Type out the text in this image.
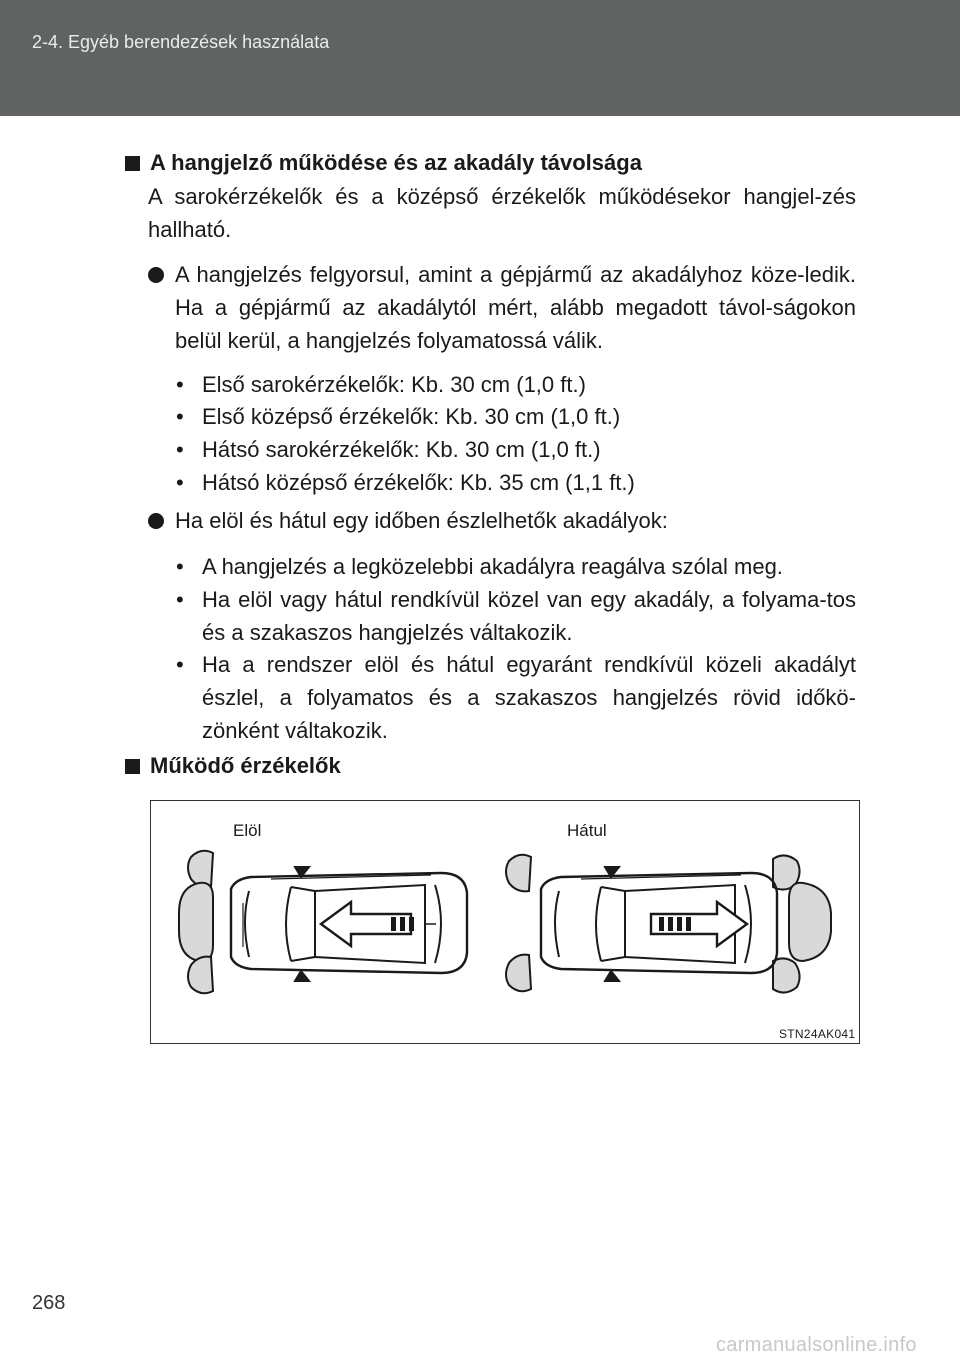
2-4. Egyéb berendezések használata
A hangjelző működése és az akadály távolsága
A sarokérzékelők és a középső érzékelők működésekor hangjel-zés hallható.
A hangjelzés felgyorsul, amint a gépjármű az akadályhoz köze-ledik. Ha a gépjármű az akadálytól mért, alább megadott távol-ságokon belül kerül, a hangjelzés folyamatossá válik.
• Első sarokérzékelők: Kb. 30 cm (1,0 ft.)
• Első középső érzékelők: Kb. 30 cm (1,0 ft.)
• Hátsó sarokérzékelők: Kb. 30 cm (1,0 ft.)
• Hátsó középső érzékelők: Kb. 35 cm (1,1 ft.)
Ha elöl és hátul egy időben észlelhetők akadályok:
• A hangjelzés a legközelebbi akadályra reagálva szólal meg.
• Ha elöl vagy hátul rendkívül közel van egy akadály, a folyama-tos és a szakaszos hangjelzés váltakozik.
• Ha a rendszer elöl és hátul egyaránt rendkívül közeli akadályt észlel, a folyamatos és a szakaszos hangjelzés rövid időkö-zönként váltakozik.
Működő érzékelők
Elöl	Hátul
STN24AK041
268
carmanualsonline.info
